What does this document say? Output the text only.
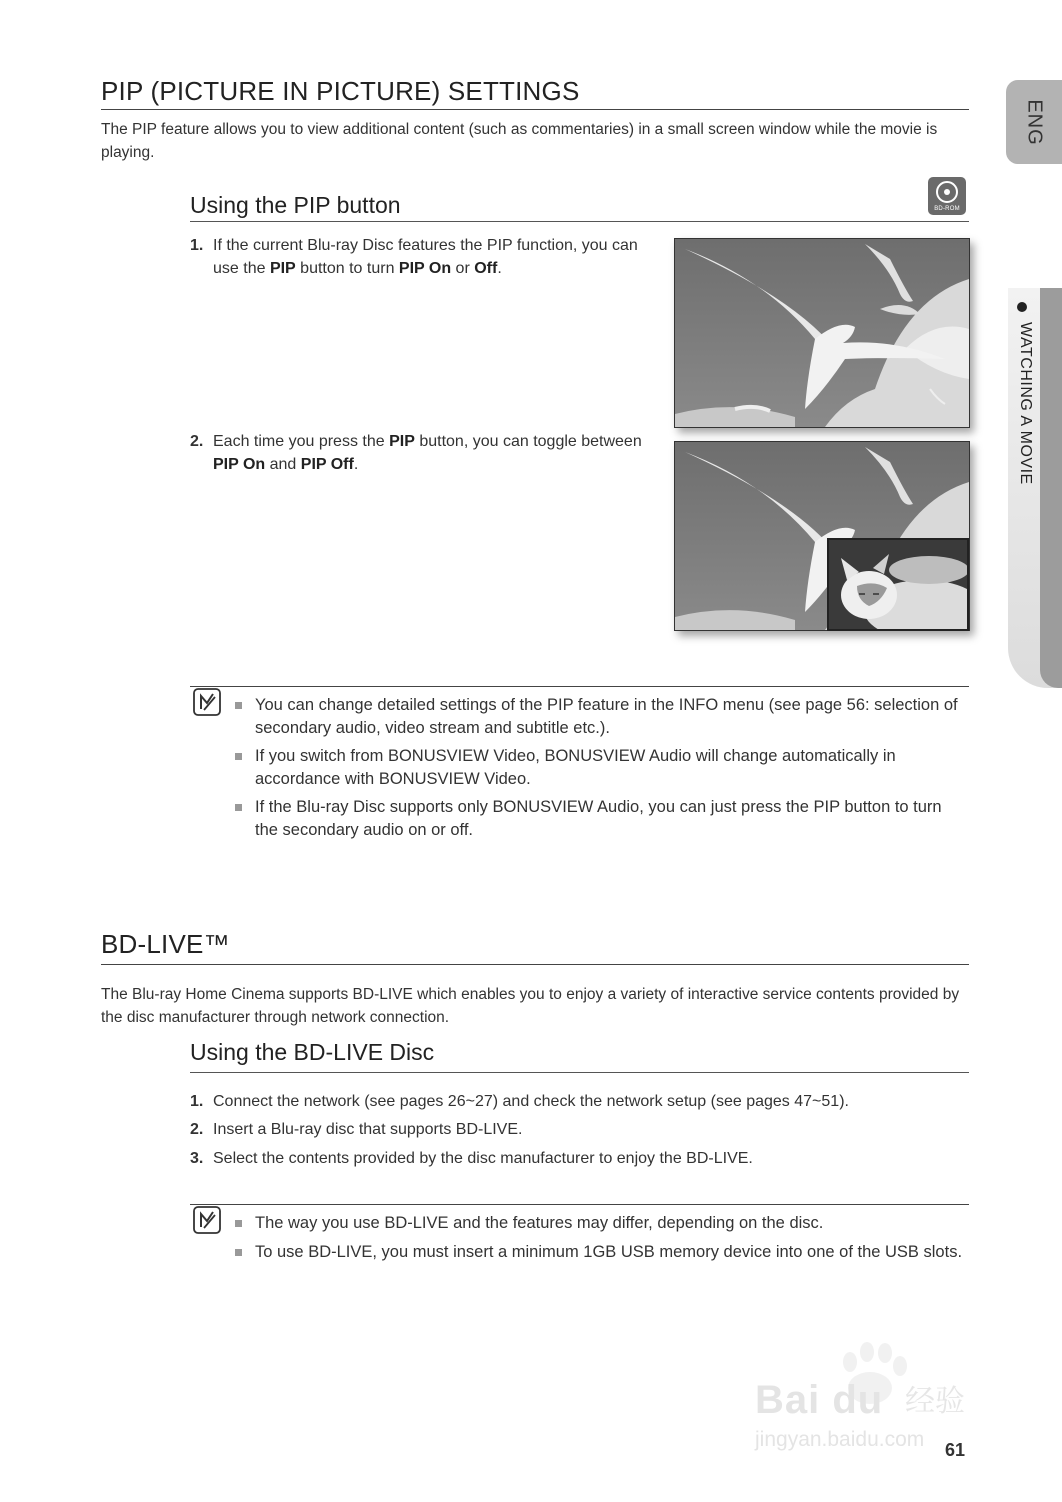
PIP (PICTURE IN PICTURE) SETTINGS
The PIP feature allows you to view additional content (such as commentaries) in a small screen window while the movie is playing.
Using the PIP button	BD-ROM
1. If the current Blu-ray Disc features the PIP function, you can use the PIP button to turn PIP On or Off.
2. Each time you press the PIP button, you can toggle between PIP On and PIP Off.
You can change detailed settings of the PIP feature in the INFO menu (see page 56: selection of secondary audio, video stream and subtitle etc.).
If you switch from BONUSVIEW Video, BONUSVIEW Audio will change automatically in accordance with BONUSVIEW Video.
If the Blu-ray Disc supports only BONUSVIEW Audio, you can just press the PIP button to turn the secondary audio on or off.
BD-LIVE™
The Blu-ray Home Cinema supports BD-LIVE which enables you to enjoy a variety of interactive service contents provided by the disc manufacturer through network connection.
Using the BD-LIVE Disc
1. Connect the network (see pages 26~27) and check the network setup (see pages 47~51).
2. Insert a Blu-ray disc that supports BD-LIVE.
3. Select the contents provided by the disc manufacturer to enjoy the BD-LIVE.
The way you use BD-LIVE and the features may differ, depending on the disc.
To use BD-LIVE, you must insert a minimum 1GB USB memory device into one of the USB slots.
ENG
WATCHING A MOVIE
Bai du 经验
jingyan.baidu.com 61
